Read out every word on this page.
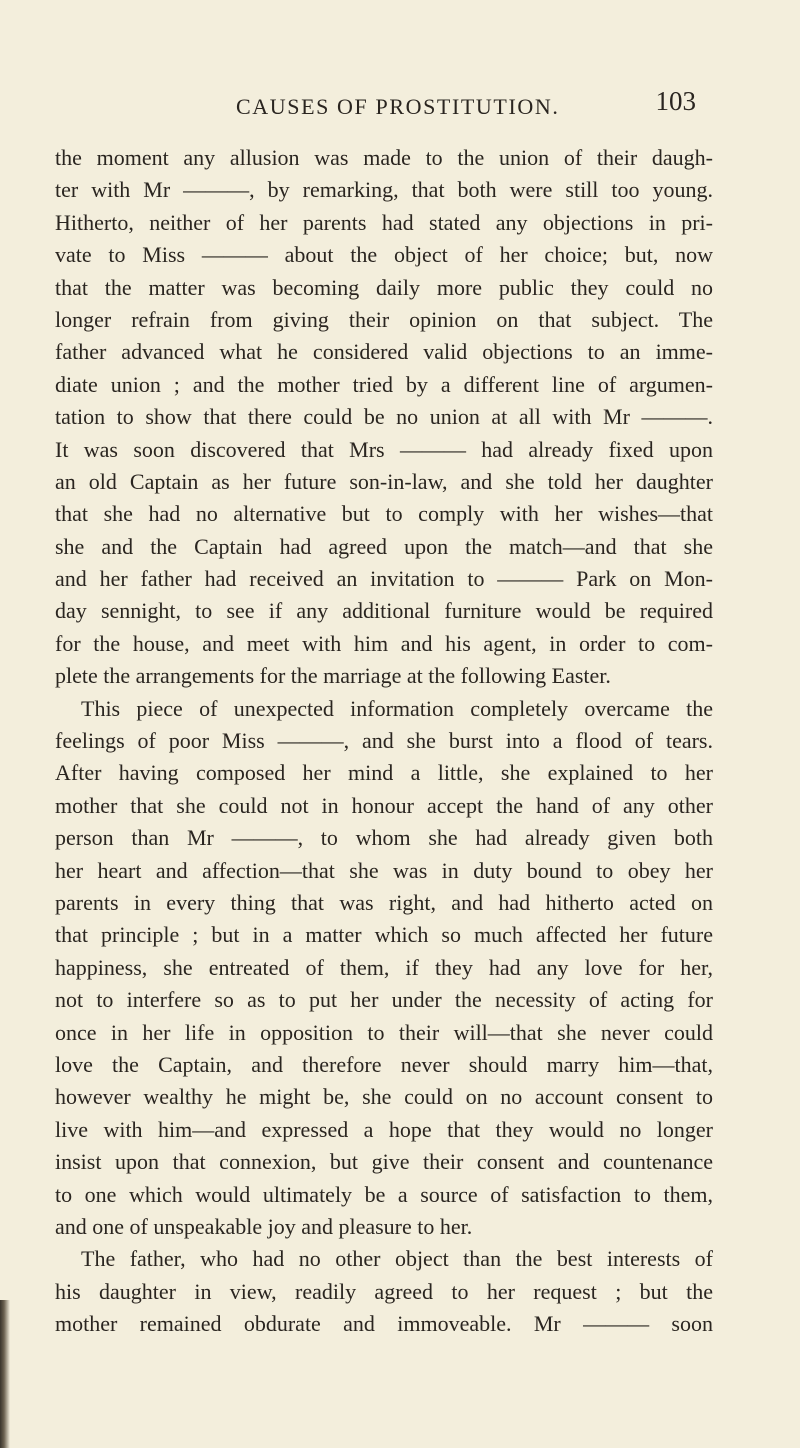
CAUSES OF PROSTITUTION.	103
the moment any allusion was made to the union of their daugh-
ter with Mr ———, by remarking, that both were still too young.
Hitherto, neither of her parents had stated any objections in pri-
vate to Miss ——— about the object of her choice; but, now
that the matter was becoming daily more public they could no
longer refrain from giving their opinion on that subject. The
father advanced what he considered valid objections to an imme-
diate union ; and the mother tried by a different line of argumen-
tation to show that there could be no union at all with Mr ———.
It was soon discovered that Mrs ——— had already fixed upon
an old Captain as her future son-in-law, and she told her daughter
that she had no alternative but to comply with her wishes—that
she and the Captain had agreed upon the match—and that she
and her father had received an invitation to ——— Park on Mon-
day sennight, to see if any additional furniture would be required
for the house, and meet with him and his agent, in order to com-
plete the arrangements for the marriage at the following Easter.
This piece of unexpected information completely overcame the
feelings of poor Miss ———, and she burst into a flood of tears.
After having composed her mind a little, she explained to her
mother that she could not in honour accept the hand of any other
person than Mr ———, to whom she had already given both
her heart and affection—that she was in duty bound to obey her
parents in every thing that was right, and had hitherto acted on
that principle ; but in a matter which so much affected her future
happiness, she entreated of them, if they had any love for her,
not to interfere so as to put her under the necessity of acting for
once in her life in opposition to their will—that she never could
love the Captain, and therefore never should marry him—that,
however wealthy he might be, she could on no account consent to
live with him—and expressed a hope that they would no longer
insist upon that connexion, but give their consent and countenance
to one which would ultimately be a source of satisfaction to them,
and one of unspeakable joy and pleasure to her.
The father, who had no other object than the best interests of
his daughter in view, readily agreed to her request ; but the
mother remained obdurate and immoveable. Mr ——— soon
